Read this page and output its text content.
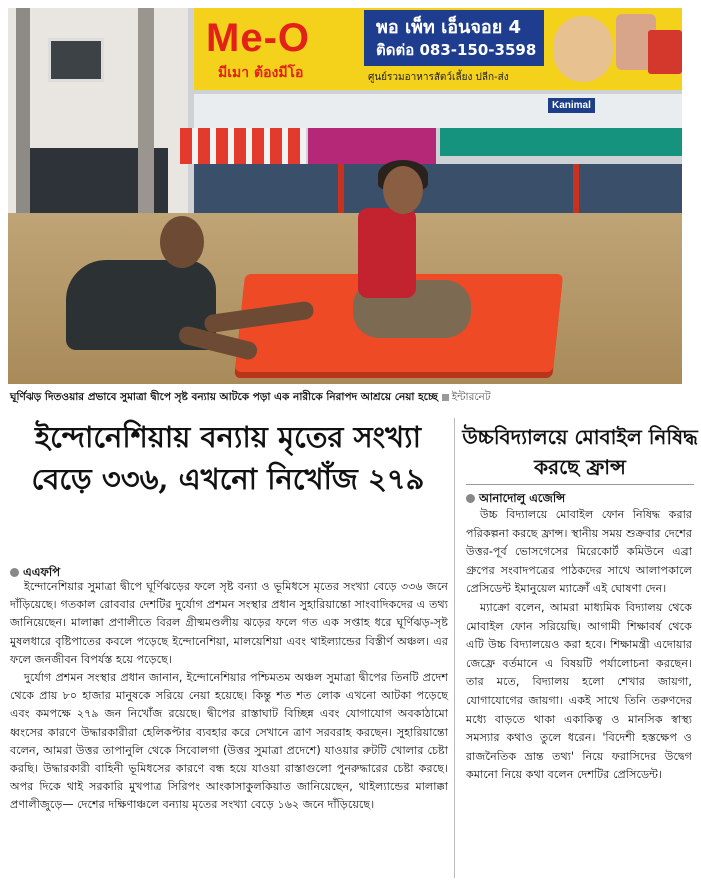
Me-O
มีเมา ต้องมีโอ
พอ เพ็ท เอ็นจอย 4
ติดต่อ 083-150-3598
ศูนย์รวมอาหารสัตว์เลี้ยง ปลีก-ส่ง
Kanimal
ঘূর্ণিঝড় দিতওয়ার প্রভাবে সুমাত্রা দ্বীপে সৃষ্ট বন্যায় আটকে পড়া এক নারীকে নিরাপদ আশ্রয়ে নেয়া হচ্ছে ইন্টারনেট
ইন্দোনেশিয়ায় বন্যায় মৃতের সংখ্যা বেড়ে ৩৩৬, এখনো নিখোঁজ ২৭৯
এএফপি

ইন্দোনেশিয়ার সুমাত্রা দ্বীপে ঘূর্ণিঝড়ের ফলে সৃষ্ট বন্যা ও ভূমিধসে মৃতের সংখ্যা বেড়ে ৩৩৬ জনে দাঁড়িয়েছে। গতকাল রোববার দেশটির দুর্যোগ প্রশমন সংস্থার প্রধান সুহারিয়ান্তো সাংবাদিকদের এ তথ্য জানিয়েছেন। মালাক্কা প্রণালীতে বিরল গ্রীষ্মমণ্ডলীয় ঝড়ের ফলে গত এক সপ্তাহ ধরে ঘূর্ণিঝড়-সৃষ্ট মুষলধারে বৃষ্টিপাতের কবলে পড়েছে ইন্দোনেশিয়া, মালয়েশিয়া এবং থাইল্যান্ডের বিস্তীর্ণ অঞ্চল। এর ফলে জনজীবন বিপর্যস্ত হয়ে পড়েছে।

দুর্যোগ প্রশমন সংস্থার প্রধান জানান, ইন্দোনেশিয়ার পশ্চিমতম অঞ্চল সুমাত্রা দ্বীপের তিনটি প্রদেশ থেকে প্রায় ৮০ হাজার মানুষকে সরিয়ে নেয়া হয়েছে। কিন্তু শত শত লোক এখনো আটকা পড়েছে এবং কমপক্ষে ২৭৯ জন নিখোঁজ রয়েছে। দ্বীপের রাস্তাঘাট বিচ্ছিন্ন এবং যোগাযোগ অবকাঠামো ধ্বংসের কারণে উদ্ধারকারীরা হেলিকপ্টার ব্যবহার করে সেখানে ত্রাণ সরবরাহ করছেন। সুহারিয়ান্তো বলেন, আমরা উত্তর তাপানুলি থেকে সিবোলগা (উত্তর সুমাত্রা প্রদেশে) যাওয়ার রুটটি খোলার চেষ্টা করছি। উদ্ধারকারী বাহিনী ভূমিধসের কারণে বন্ধ হয়ে যাওয়া রাস্তাগুলো পুনরুদ্ধারের চেষ্টা করছে। অপর দিকে থাই সরকারি মুখপাত্র সিরিপং আংকাসাকুলকিয়াত জানিয়েছেন, থাইল্যান্ডের মালাক্কা প্রণালীজুড়ে— দেশের দক্ষিণাঞ্চলে বন্যায় মৃতের সংখ্যা বেড়ে ১৬২ জনে দাঁড়িয়েছে।

উচ্চবিদ্যালয়ে মোবাইল নিষিদ্ধ করছে ফ্রান্স
আনাদোলু এজেন্সি

উচ্চ বিদ্যালয়ে মোবাইল ফোন নিষিদ্ধ করার পরিকল্পনা করছে ফ্রান্স। স্থানীয় সময় শুক্রবার দেশের উত্তর-পূর্ব ভোসগেসের মিরেকোর্ট কমিউনে এব্রা গ্রুপের সংবাদপত্রের পাঠকদের সাথে আলাপকালে প্রেসিডেন্ট ইমানুয়েল ম্যাক্রোঁ এই ঘোষণা দেন।

ম্যাক্রো বলেন, আমরা মাধ্যমিক বিদ্যালয় থেকে মোবাইল ফোন সরিয়েছি। আগামী শিক্ষাবর্ষ থেকে এটি উচ্চ বিদ্যালয়েও করা হবে। শিক্ষামন্ত্রী এদোয়ার জেফ্রে বর্তমানে এ বিষয়টি পর্যালোচনা করছেন। তার মতে, বিদ্যালয় হলো শেখার জায়গা, যোগাযোগের জায়গা। একই সাথে তিনি তরুণদের মধ্যে বাড়তে থাকা একাকিত্ব ও মানসিক স্বাস্থ্য সমস্যার কথাও তুলে ধরেন। 'বিদেশী হস্তক্ষেপ ও রাজনৈতিক ভ্রান্ত তথ্য' নিয়ে ফরাসিদের উদ্বেগ কমানো নিয়ে কথা বলেন দেশটির প্রেসিডেন্ট।
